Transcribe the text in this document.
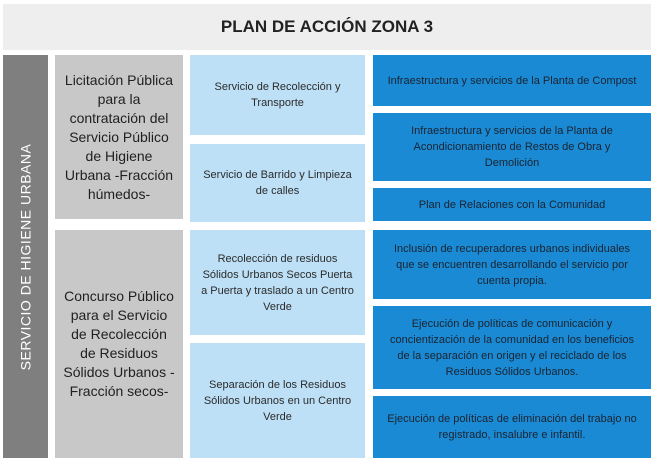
PLAN DE ACCIÓN ZONA 3
SERVICIO DE HIGIENE URBANA
Licitación Pública para la contratación del Servicio Público de Higiene Urbana -Fracción húmedos-
Concurso Público para el Servicio de Recolección de Residuos Sólidos Urbanos -Fracción secos-
Servicio de Recolección y Transporte
Servicio de Barrido y Limpieza de calles
Recolección de residuos Sólidos Urbanos Secos Puerta a Puerta y traslado a un Centro Verde
Separación de los Residuos Sólidos Urbanos en un Centro Verde
Infraestructura y servicios de la Planta de Compost
Infraestructura y servicios de la Planta de Acondicionamiento de Restos de Obra y Demolición
Plan de Relaciones con la Comunidad
Inclusión de recuperadores urbanos individuales que se encuentren desarrollando el servicio por cuenta propia.
Ejecución de políticas de comunicación y concientización de la comunidad en los beneficios de la separación en origen y el reciclado de los Residuos Sólidos Urbanos.
Ejecución de políticas de eliminación del trabajo no registrado, insalubre e infantil.
